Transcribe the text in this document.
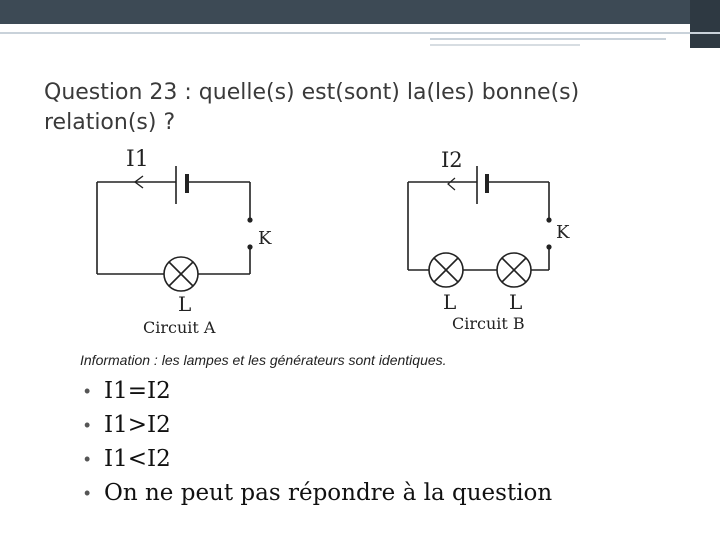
Question 23 : quelle(s) est(sont) la(les) bonne(s) relation(s) ?
I1
K
L
Circuit A
I2
K
L	L
Circuit B
Information : les lampes et les générateurs sont identiques.
• I1=I2
• I1>I2
• I1<I2
• On ne peut pas répondre à la question
